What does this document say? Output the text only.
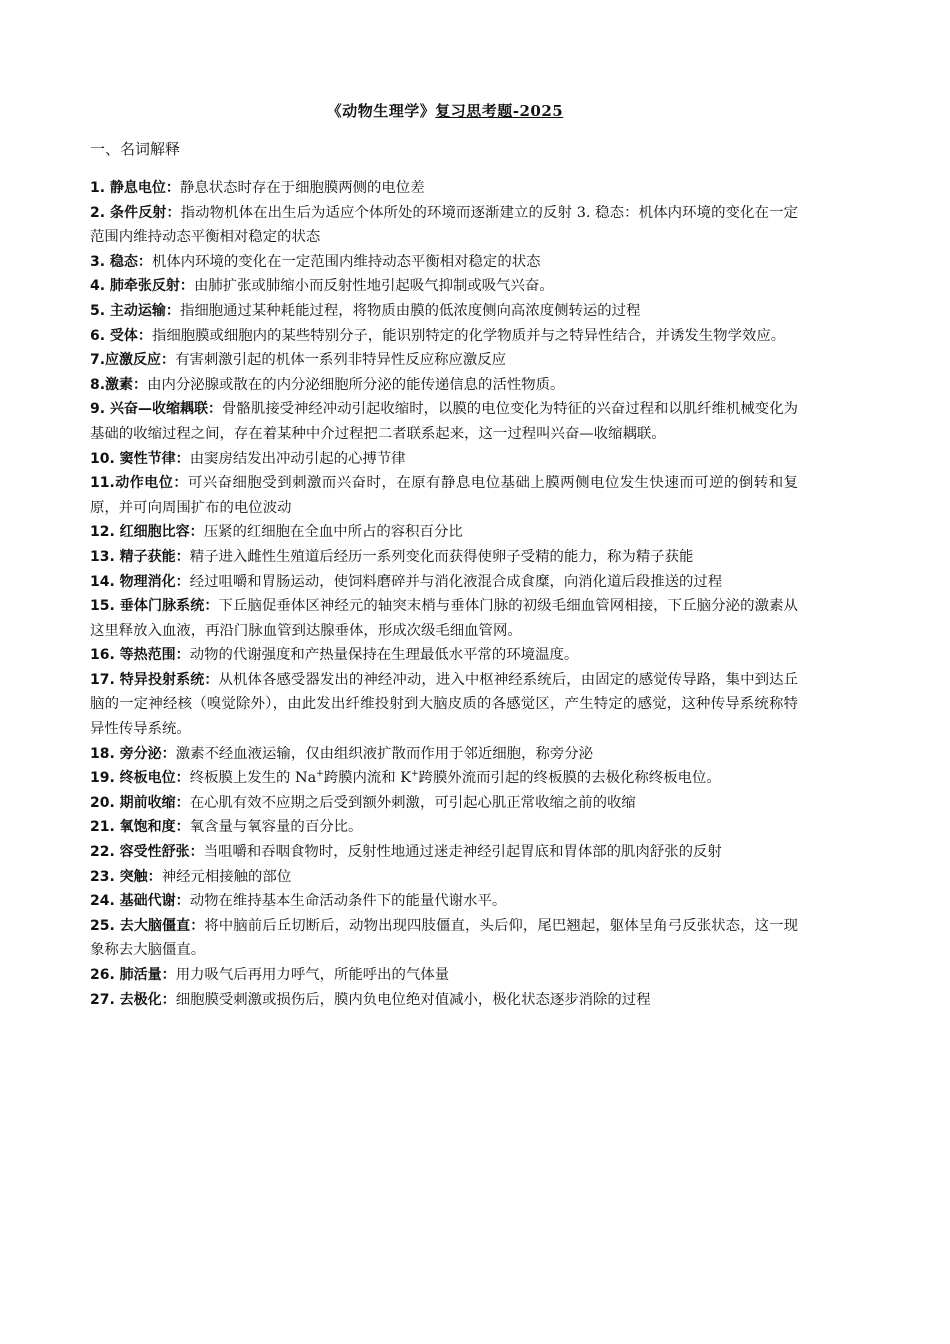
《动物生理学》复习思考题-2025
一、名词解释

1. 静息电位：静息状态时存在于细胞膜两侧的电位差

2. 条件反射：指动物机体在出生后为适应个体所处的环境而逐渐建立的反射 3. 稳态：机体内环境的变化在一定范围内维持动态平衡相对稳定的状态

3. 稳态：机体内环境的变化在一定范围内维持动态平衡相对稳定的状态

4. 肺牵张反射：由肺扩张或肺缩小而反射性地引起吸气抑制或吸气兴奋。

5. 主动运输：指细胞通过某种耗能过程，将物质由膜的低浓度侧向高浓度侧转运的过程

6. 受体：指细胞膜或细胞内的某些特别分子，能识别特定的化学物质并与之特异性结合，并诱发生物学效应。

7.应激反应：有害刺激引起的机体一系列非特异性反应称应激反应

8.激素：由内分泌腺或散在的内分泌细胞所分泌的能传递信息的活性物质。

9. 兴奋—收缩耦联：骨骼肌接受神经冲动引起收缩时，以膜的电位变化为特征的兴奋过程和以肌纤维机械变化为基础的收缩过程之间，存在着某种中介过程把二者联系起来，这一过程叫兴奋—收缩耦联。

10. 窦性节律：由窦房结发出冲动引起的心搏节律

11.动作电位：可兴奋细胞受到刺激而兴奋时，在原有静息电位基础上膜两侧电位发生快速而可逆的倒转和复原，并可向周围扩布的电位波动

12. 红细胞比容：压紧的红细胞在全血中所占的容积百分比

13. 精子获能：精子进入雌性生殖道后经历一系列变化而获得使卵子受精的能力，称为精子获能

14. 物理消化：经过咀嚼和胃肠运动，使饲料磨碎并与消化液混合成食糜，向消化道后段推送的过程

15. 垂体门脉系统：下丘脑促垂体区神经元的轴突末梢与垂体门脉的初级毛细血管网相接，下丘脑分泌的激素从这里释放入血液，再沿门脉血管到达腺垂体，形成次级毛细血管网。

16. 等热范围：动物的代谢强度和产热量保持在生理最低水平常的环境温度。

17. 特异投射系统：从机体各感受器发出的神经冲动，进入中枢神经系统后，由固定的感觉传导路，集中到达丘脑的一定神经核（嗅觉除外），由此发出纤维投射到大脑皮质的各感觉区，产生特定的感觉，这种传导系统称特异性传导系统。

18. 旁分泌：激素不经血液运输，仅由组织液扩散而作用于邻近细胞，称旁分泌

19. 终板电位：终板膜上发生的 Na+跨膜内流和 K+跨膜外流而引起的终板膜的去极化称终板电位。

20. 期前收缩：在心肌有效不应期之后受到额外刺激，可引起心肌正常收缩之前的收缩

21. 氧饱和度：氧含量与氧容量的百分比。

22. 容受性舒张：当咀嚼和吞咽食物时，反射性地通过迷走神经引起胃底和胃体部的肌肉舒张的反射

23. 突触：神经元相接触的部位

24. 基础代谢：动物在维持基本生命活动条件下的能量代谢水平。

25. 去大脑僵直：将中脑前后丘切断后，动物出现四肢僵直，头后仰，尾巴翘起，躯体呈角弓反张状态，这一现象称去大脑僵直。

26. 肺活量：用力吸气后再用力呼气，所能呼出的气体量

27. 去极化：细胞膜受刺激或损伤后，膜内负电位绝对值减小，极化状态逐步消除的过程
